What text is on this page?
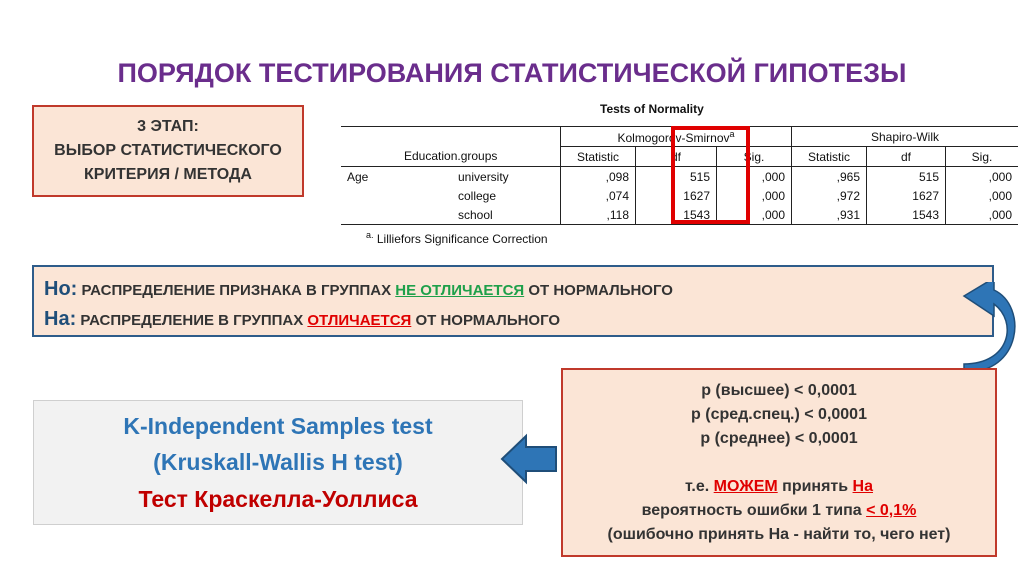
ПОРЯДОК ТЕСТИРОВАНИЯ СТАТИСТИЧЕСКОЙ ГИПОТЕЗЫ
3 ЭТАП:
ВЫБОР СТАТИСТИЧЕСКОГО
КРИТЕРИЯ / МЕТОДА
Tests of Normality
		Kolmogorov-Smirnov$^a$			Shapiro-Wilk		
	Education.groups	Statistic	df	Sig.	Statistic	df	Sig.
Age	university	,098	515	,000	,965	515	,000
	college	,074	1627	,000	,972	1627	,000
	school	,118	1543	,000	,931	1543	,000
$^{a.}$ Lilliefors Significance Correction
Но: РАСПРЕДЕЛЕНИЕ ПРИЗНАКА В ГРУППАХ НЕ ОТЛИЧАЕТСЯ ОТ НОРМАЛЬНОГО
На: РАСПРЕДЕЛЕНИЕ В ГРУППАХ ОТЛИЧАЕТСЯ ОТ НОРМАЛЬНОГО
K-Independent Samples test
(Kruskall-Wallis H test)
Тест Краскелла-Уоллиса
p (высшее) < 0,0001
p (сред.спец.) < 0,0001
p (среднее) < 0,0001
т.е. МОЖЕМ принять На
вероятность ошибки 1 типа < 0,1%
(ошибочно принять На - найти то, чего нет)
